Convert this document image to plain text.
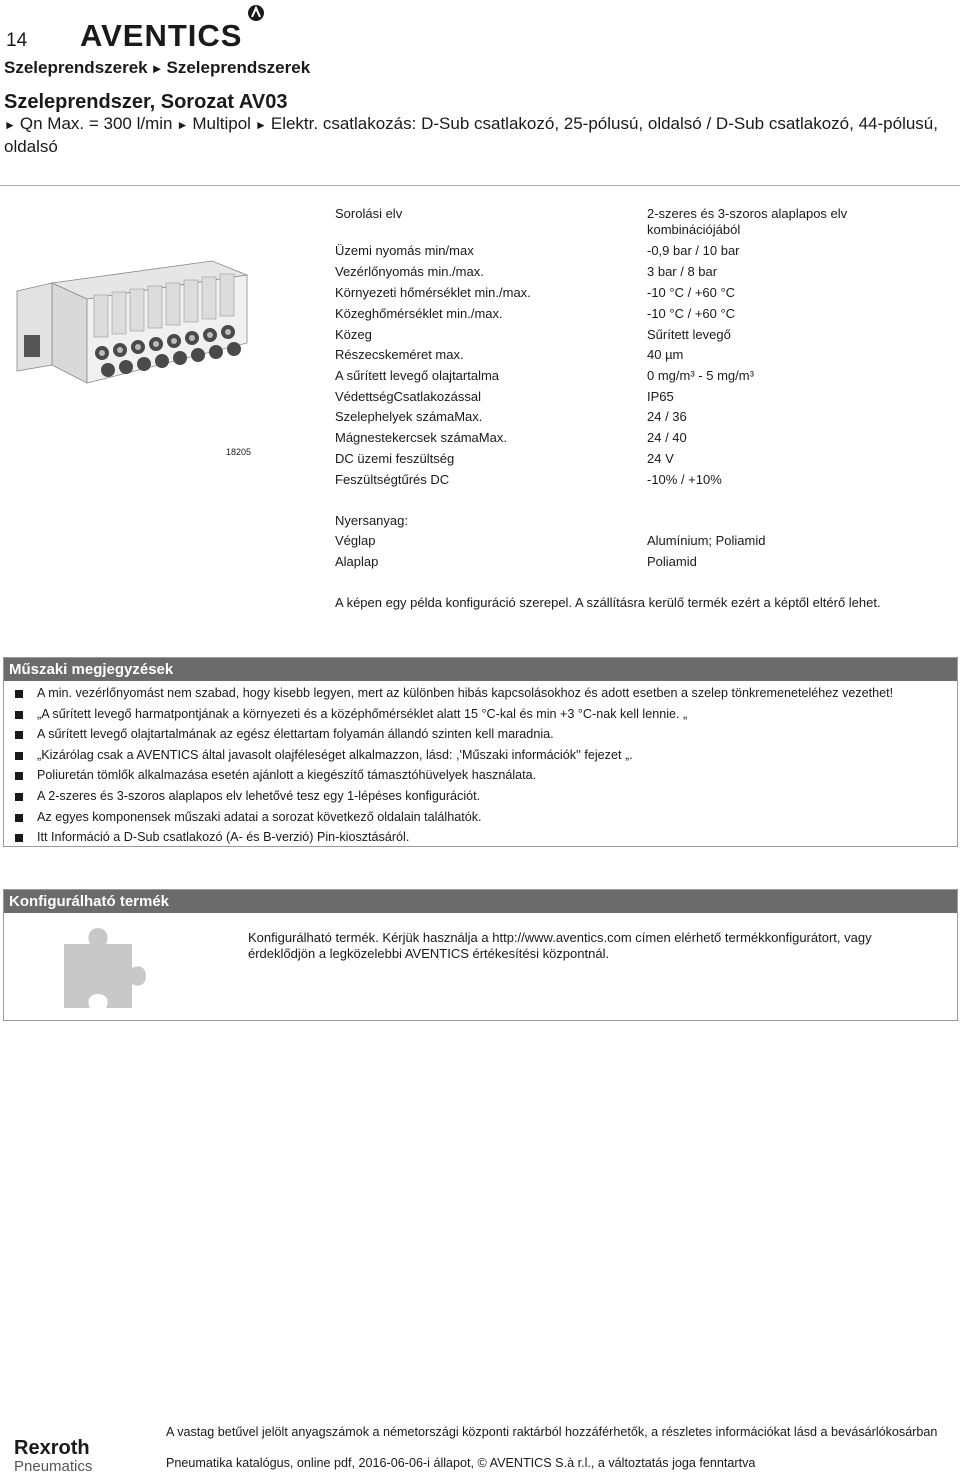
14 AVENTICS
Szeleprendszerek ► Szeleprendszerek
Szeleprendszer, Sorozat AV03
► Qn Max. = 300 l/min ► Multipol ► Elektr. csatlakozás: D-Sub csatlakozó, 25-pólusú, oldalsó / D-Sub csatlakozó, 44-pólusú, oldalsó
18205
Sorolási elv	2-szeres és 3-szoros alaplapos elv kombinációjából
Üzemi nyomás min/max	-0,9 bar / 10 bar
Vezérlőnyomás min./max.	3 bar / 8 bar
Környezeti hőmérséklet min./max.	-10 °C / +60 °C
Közeghőmérséklet min./max.	-10 °C / +60 °C
Közeg	Sűrített levegő
Részecskeméret max.	40 µm
A sűrített levegő olajtartalma	0 mg/m³ - 5 mg/m³
VédettségCsatlakozással	IP65
Szelephelyek számaMax.	24 / 36
Mágnestekercsek számaMax.	24 / 40
DC üzemi feszültség	24 V
Feszültségtűrés DC	-10% / +10%
Nyersanyag:
Véglap	Alumínium; Poliamid
Alaplap	Poliamid
A képen egy példa konfiguráció szerepel. A szállításra kerülő termék ezért a képtől eltérő lehet.
Műszaki megjegyzések
A min. vezérlőnyomást nem szabad, hogy kisebb legyen, mert az különben hibás kapcsolásokhoz és adott esetben a szelep tönkremeneteléhez vezethet!
„A sűrített levegő harmatpontjának a környezeti és a középhőmérséklet alatt 15 °C-kal és min +3 °C-nak kell lennie. „
A sűrített levegő olajtartalmának az egész élettartam folyamán állandó szinten kell maradnia.
„Kizárólag csak a AVENTICS által javasolt olajféleséget alkalmazzon, lásd: ,'Műszaki információk'' fejezet „.
Poliuretán tömlők alkalmazása esetén ajánlott a kiegészítő támasztóhüvelyek használata.
A 2-szeres és 3-szoros alaplapos elv lehetővé tesz egy 1-lépéses konfigurációt.
Az egyes komponensek műszaki adatai a sorozat következő oldalain találhatók.
Itt Információ a D-Sub csatlakozó (A- és B-verzió) Pin-kiosztásáról.
Konfigurálható termék
Konfigurálható termék. Kérjük használja a http://www.aventics.com címen elérhető termékkonfigurátort, vagy érdeklődjön a legközelebbi AVENTICS értékesítési központnál.
Rexroth
Pneumatics
A vastag betűvel jelölt anyagszámok a németországi központi raktárból hozzáférhetők, a részletes információkat lásd a bevásárlókosárban
Pneumatika katalógus, online pdf, 2016-06-06-i állapot, © AVENTICS S.à r.l., a változtatás joga fenntartva
